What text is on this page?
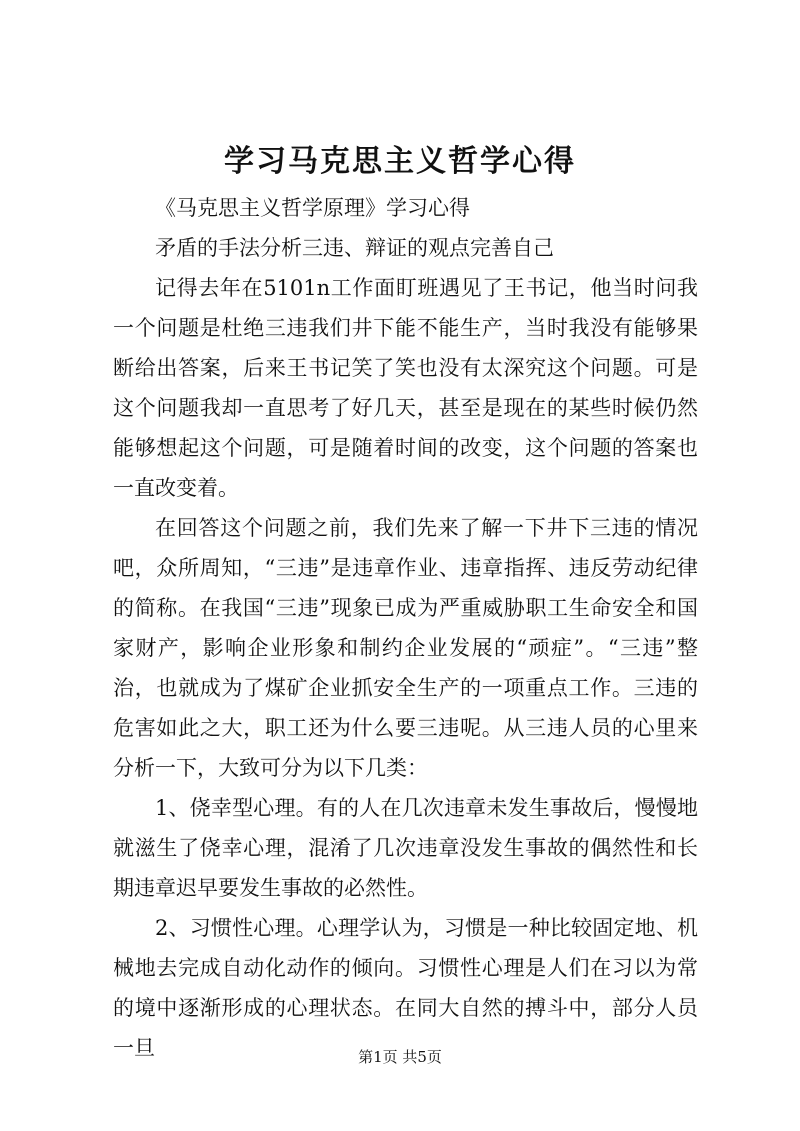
学习马克思主义哲学心得

《马克思主义哲学原理》学习心得

矛盾的手法分析三违、辩证的观点完善自己

记得去年在5101n工作面盯班遇见了王书记，他当时问我一个问题是杜绝三违我们井下能不能生产，当时我没有能够果断给出答案，后来王书记笑了笑也没有太深究这个问题。可是这个问题我却一直思考了好几天，甚至是现在的某些时候仍然能够想起这个问题，可是随着时间的改变，这个问题的答案也一直改变着。

在回答这个问题之前，我们先来了解一下井下三违的情况吧，众所周知，“三违”是违章作业、违章指挥、违反劳动纪律的简称。在我国“三违”现象已成为严重威胁职工生命安全和国家财产，影响企业形象和制约企业发展的“顽症”。“三违”整治，也就成为了煤矿企业抓安全生产的一项重点工作。三违的危害如此之大，职工还为什么要三违呢。从三违人员的心里来分析一下，大致可分为以下几类：

1、侥幸型心理。有的人在几次违章未发生事故后，慢慢地就滋生了侥幸心理，混淆了几次违章没发生事故的偶然性和长期违章迟早要发生事故的必然性。

2、习惯性心理。心理学认为，习惯是一种比较固定地、机械地去完成自动化动作的倾向。习惯性心理是人们在习以为常的境中逐渐形成的心理状态。在同大自然的搏斗中，部分人员一旦	第1页 共5页
